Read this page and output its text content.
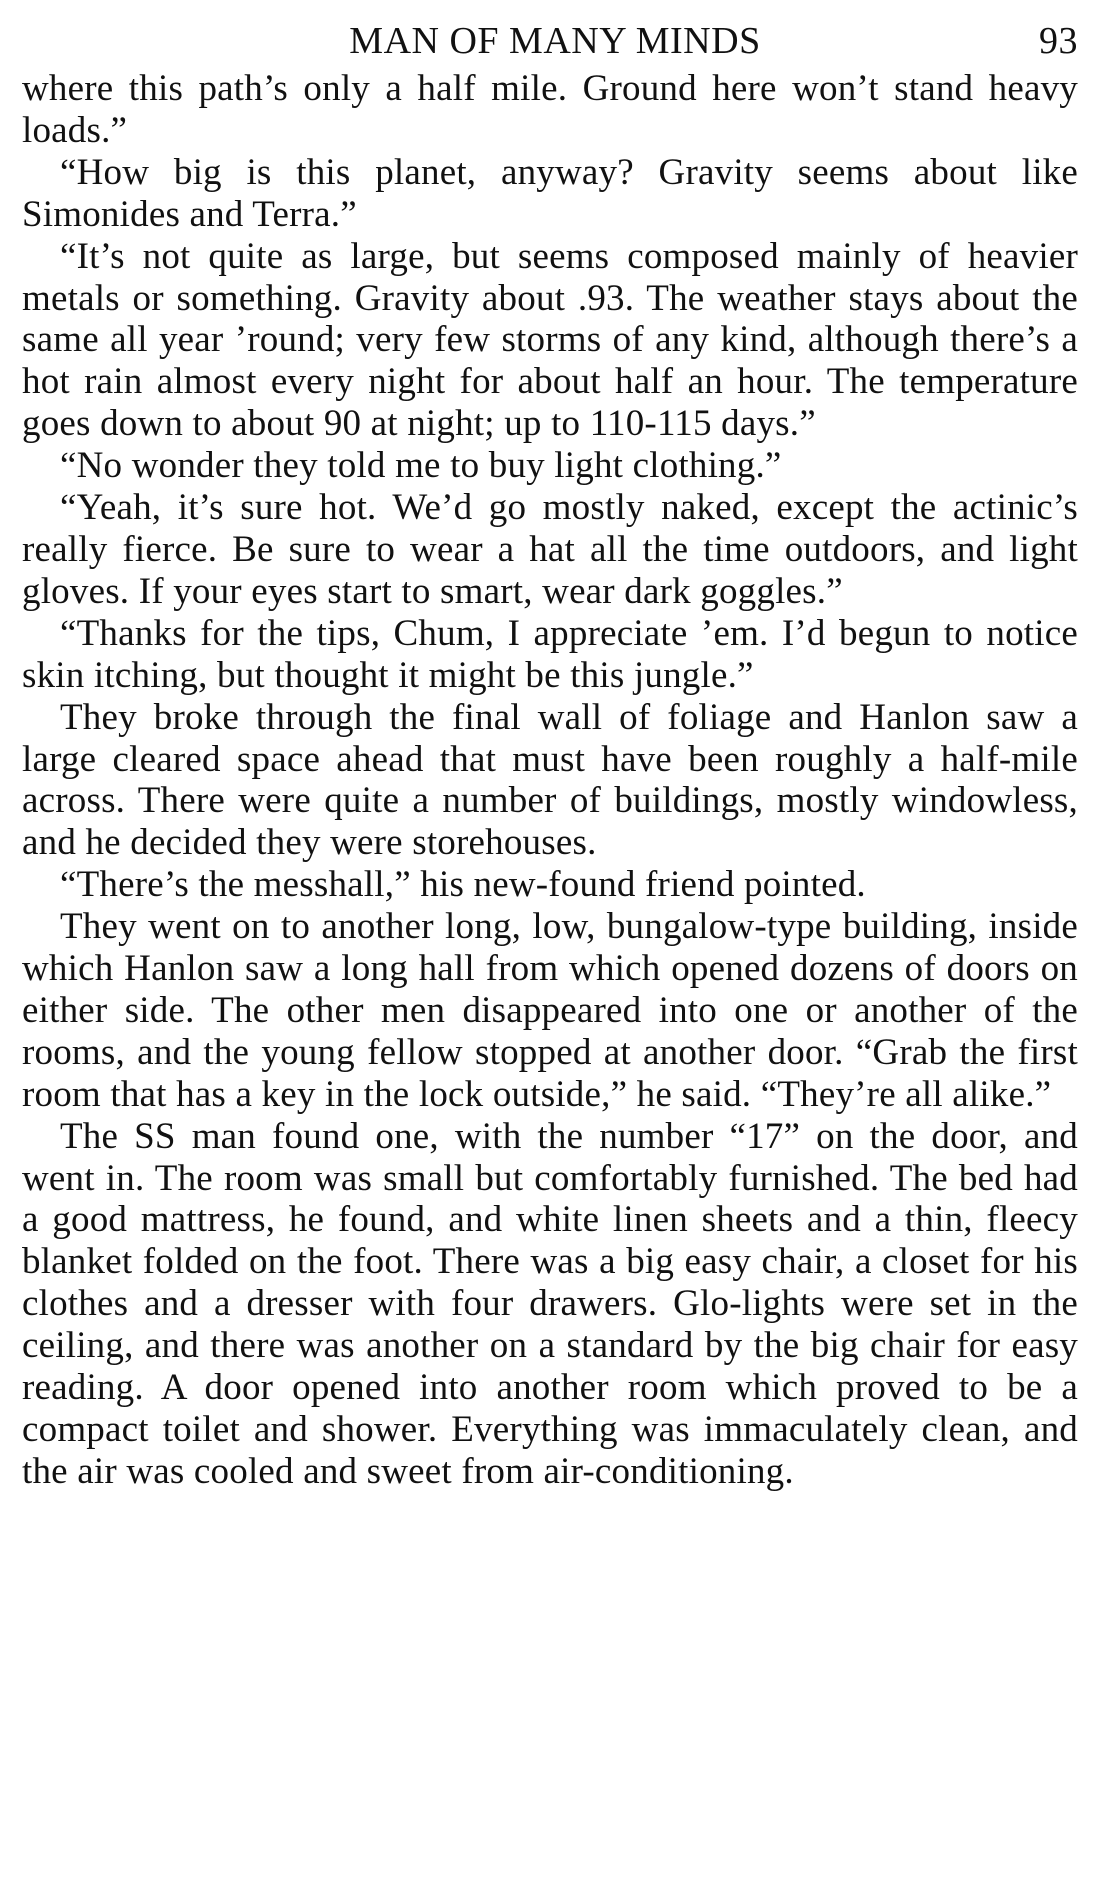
MAN OF MANY MINDS	93

where this path’s only a half mile. Ground here won’t stand heavy loads.”

“How big is this planet, anyway? Gravity seems about like Simonides and Terra.”

“It’s not quite as large, but seems composed mainly of heavier metals or something. Gravity about .93. The weather stays about the same all year ’round; very few storms of any kind, although there’s a hot rain almost every night for about half an hour. The temperature goes down to about 90 at night; up to 110-115 days.”

“No wonder they told me to buy light clothing.”

“Yeah, it’s sure hot. We’d go mostly naked, except the actinic’s really fierce. Be sure to wear a hat all the time outdoors, and light gloves. If your eyes start to smart, wear dark goggles.”

“Thanks for the tips, Chum, I appreciate ’em. I’d begun to notice skin itching, but thought it might be this jungle.”

They broke through the final wall of foliage and Hanlon saw a large cleared space ahead that must have been roughly a half-mile across. There were quite a number of buildings, mostly windowless, and he decided they were storehouses.

“There’s the messhall,” his new-found friend pointed.

They went on to another long, low, bungalow-type building, inside which Hanlon saw a long hall from which opened dozens of doors on either side. The other men disappeared into one or another of the rooms, and the young fellow stopped at another door. “Grab the first room that has a key in the lock outside,” he said. “They’re all alike.”

The SS man found one, with the number “17” on the door, and went in. The room was small but comfortably furnished. The bed had a good mattress, he found, and white linen sheets and a thin, fleecy blanket folded on the foot. There was a big easy chair, a closet for his clothes and a dresser with four drawers. Glo-lights were set in the ceiling, and there was another on a standard by the big chair for easy reading. A door opened into another room which proved to be a compact toilet and shower. Everything was immaculately clean, and the air was cooled and sweet from air-conditioning.
